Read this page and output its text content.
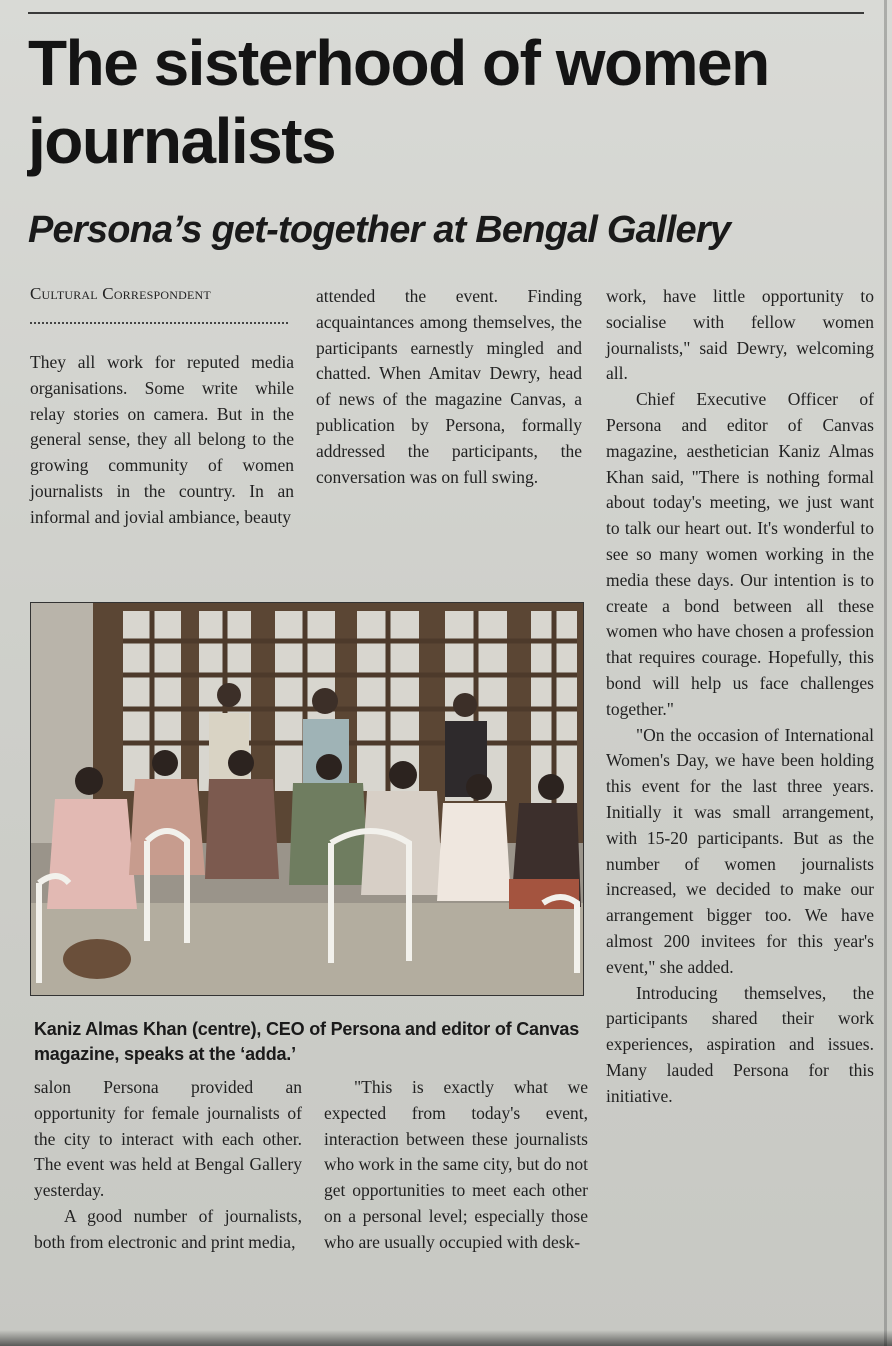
The sisterhood of women journalists
Persona’s get-together at Bengal Gallery
Cultural Correspondent

They all work for reputed media organisations. Some write while relay stories on camera. But in the general sense, they all belong to the growing community of women journalists in the country. In an informal and jovial ambiance, beauty

attended the event. Finding acquaintances among themselves, the participants earnestly mingled and chatted. When Amitav Dewry, head of news of the magazine Canvas, a publication by Persona, formally addressed the participants, the conversation was on full swing.

work, have little opportunity to socialise with fellow women journalists," said Dewry, welcoming all.

Chief Executive Officer of Persona and editor of Canvas magazine, aesthetician Kaniz Almas Khan said, "There is nothing formal about today's meeting, we just want to talk our heart out. It's wonderful to see so many women working in the media these days. Our intention is to create a bond between all these women who have chosen a profession that requires courage. Hopefully, this bond will help us face challenges together."

"On the occasion of International Women's Day, we have been holding this event for the last three years. Initially it was small arrangement, with 15-20 participants. But as the number of women journalists increased, we decided to make our arrangement bigger too. We have almost 200 invitees for this year's event," she added.

Introducing themselves, the participants shared their work experiences, aspiration and issues. Many lauded Persona for this initiative.

Kaniz Almas Khan (centre), CEO of Persona and editor of Canvas magazine, speaks at the ‘adda.’

salon Persona provided an opportunity for female journalists of the city to interact with each other. The event was held at Bengal Gallery yesterday.

A good number of journalists, both from electronic and print media,

"This is exactly what we expected from today's event, interaction between these journalists who work in the same city, but do not get opportunities to meet each other on a personal level; especially those who are usually occupied with desk-
